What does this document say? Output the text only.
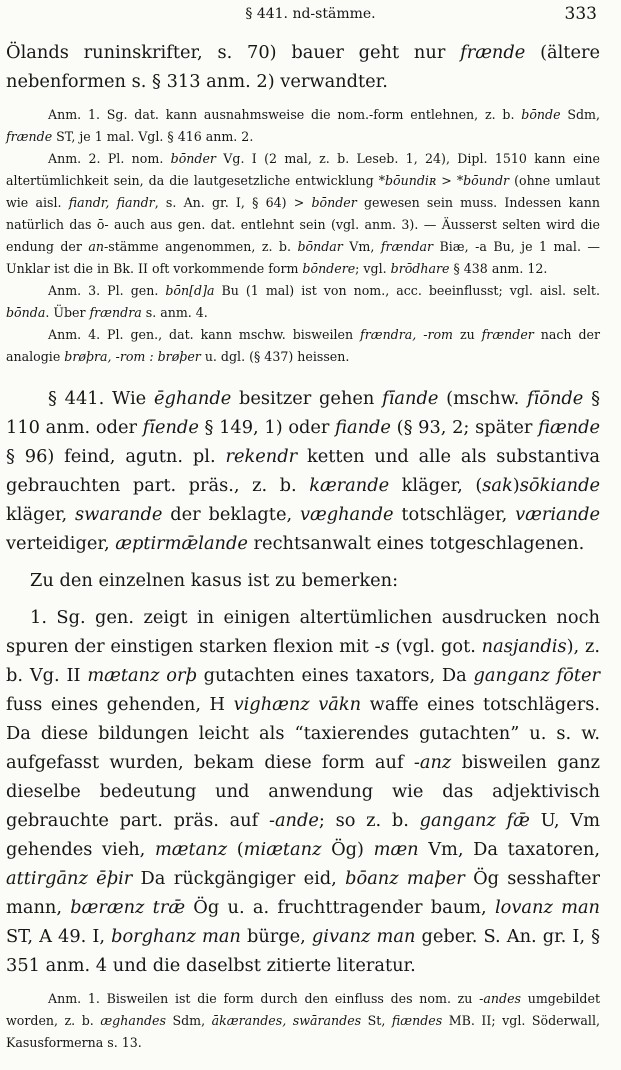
§ 441. nd-stämme.	333

Ölands runinskrifter, s. 70) bauer geht nur frænde (ältere nebenformen s. § 313 anm. 2) verwandter.

Anm. 1. Sg. dat. kann ausnahmsweise die nom.-form entlehnen, z. b. bōnde Sdm, frænde ST, je 1 mal. Vgl. § 416 anm. 2.

Anm. 2. Pl. nom. bōnder Vg. I (2 mal, z. b. Leseb. 1, 24), Dipl. 1510 kann eine altertümlichkeit sein, da die lautgesetzliche entwicklung *bōundiʀ > *bōundr (ohne umlaut wie aisl. fiandr, fiandr, s. An. gr. I, § 64) > bōnder gewesen sein muss. Indessen kann natürlich das ō- auch aus gen. dat. entlehnt sein (vgl. anm. 3). — Äusserst selten wird die endung der an-stämme angenommen, z. b. bōndar Vm, frændar Biæ, -a Bu, je 1 mal. — Unklar ist die in Bk. II oft vorkommende form bōndere; vgl. brōdhare § 438 anm. 12.

Anm. 3. Pl. gen. bōn[d]a Bu (1 mal) ist von nom., acc. beeinflusst; vgl. aisl. selt. bōnda. Über frændra s. anm. 4.

Anm. 4. Pl. gen., dat. kann mschw. bisweilen frændra, -rom zu frænder nach der analogie brøþra, -rom : brøþer u. dgl. (§ 437) heissen.

§ 441. Wie ēghande besitzer gehen fīande (mschw. fīōnde § 110 anm. oder fīende § 149, 1) oder fiande (§ 93, 2; später fiænde § 96) feind, agutn. pl. rekendr ketten und alle als substantiva gebrauchten part. präs., z. b. kærande kläger, (sak)sōkiande kläger, swarande der beklagte, væghande totschläger, væriande verteidiger, æptirmǣlande rechtsanwalt eines totgeschlagenen.

Zu den einzelnen kasus ist zu bemerken:

1. Sg. gen. zeigt in einigen altertümlichen ausdrucken noch spuren der einstigen starken flexion mit -s (vgl. got. nasjandis), z. b. Vg. II mætanz orþ gutachten eines taxators, Da ganganz fōter fuss eines gehenden, H vighænz vākn waffe eines totschlägers. Da diese bildungen leicht als “taxierendes gutachten” u. s. w. aufgefasst wurden, bekam diese form auf -anz bisweilen ganz dieselbe bedeutung und anwendung wie das adjektivisch gebrauchte part. präs. auf -ande; so z. b. ganganz fǣ U, Vm gehendes vieh, mætanz (miætanz Ög) mæn Vm, Da taxatoren, attirgānz ēþir Da rückgängiger eid, bōanz maþer Ög sesshafter mann, bærænz trǣ Ög u. a. fruchttragender baum, lovanz man ST, A 49. I, borghanz man bürge, givanz man geber. S. An. gr. I, § 351 anm. 4 und die daselbst zitierte literatur.

Anm. 1. Bisweilen ist die form durch den einfluss des nom. zu -andes umgebildet worden, z. b. æghandes Sdm, ākærandes, swārandes St, fiændes MB. II; vgl. Söderwall, Kasusformerna s. 13.
